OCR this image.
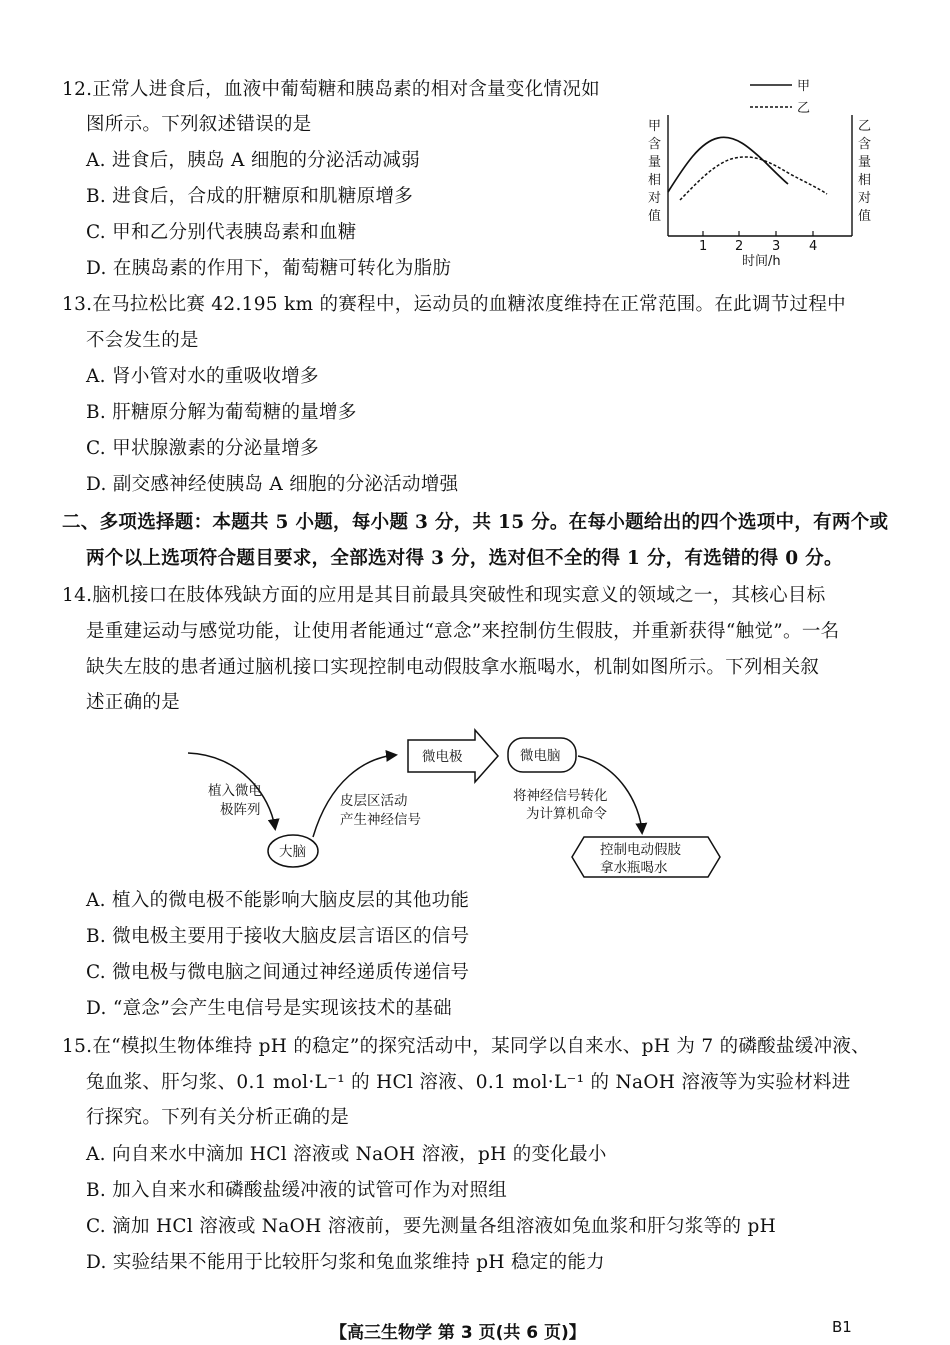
12.正常人进食后，血液中葡萄糖和胰岛素的相对含量变化情况如
图所示。下列叙述错误的是
A. 进食后，胰岛 A 细胞的分泌活动减弱
B. 进食后，合成的肝糖原和肌糖原增多
C. 甲和乙分别代表胰岛素和血糖
D. 在胰岛素的作用下，葡萄糖可转化为脂肪
甲
乙
甲
含
量
相
对
值
乙
含
量
相
对
值
1 2 3 4
时间/h
13.在马拉松比赛 42.195 km 的赛程中，运动员的血糖浓度维持在正常范围。在此调节过程中
不会发生的是
A. 肾小管对水的重吸收增多
B. 肝糖原分解为葡萄糖的量增多
C. 甲状腺激素的分泌量增多
D. 副交感神经使胰岛 A 细胞的分泌活动增强
二、多项选择题：本题共 5 小题，每小题 3 分，共 15 分。在每小题给出的四个选项中，有两个或
两个以上选项符合题目要求，全部选对得 3 分，选对但不全的得 1 分，有选错的得 0 分。
14.脑机接口在肢体残缺方面的应用是其目前最具突破性和现实意义的领域之一，其核心目标
是重建运动与感觉功能，让使用者能通过“意念”来控制仿生假肢，并重新获得“触觉”。一名
缺失左肢的患者通过脑机接口实现控制电动假肢拿水瓶喝水，机制如图所示。下列相关叙
述正确的是
植入微电
极阵列
大脑
皮层区活动
产生神经信号
微电极	微电脑
将神经信号转化
为计算机命令
控制电动假肢
拿水瓶喝水
A. 植入的微电极不能影响大脑皮层的其他功能
B. 微电极主要用于接收大脑皮层言语区的信号
C. 微电极与微电脑之间通过神经递质传递信号
D. “意念”会产生电信号是实现该技术的基础
15.在“模拟生物体维持 pH 的稳定”的探究活动中，某同学以自来水、pH 为 7 的磷酸盐缓冲液、
兔血浆、肝匀浆、0.1 mol·L⁻¹ 的 HCl 溶液、0.1 mol·L⁻¹ 的 NaOH 溶液等为实验材料进
行探究。下列有关分析正确的是
A. 向自来水中滴加 HCl 溶液或 NaOH 溶液，pH 的变化最小
B. 加入自来水和磷酸盐缓冲液的试管可作为对照组
C. 滴加 HCl 溶液或 NaOH 溶液前，要先测量各组溶液如兔血浆和肝匀浆等的 pH
D. 实验结果不能用于比较肝匀浆和兔血浆维持 pH 稳定的能力
【高三生物学 第 3 页(共 6 页)】	B1
